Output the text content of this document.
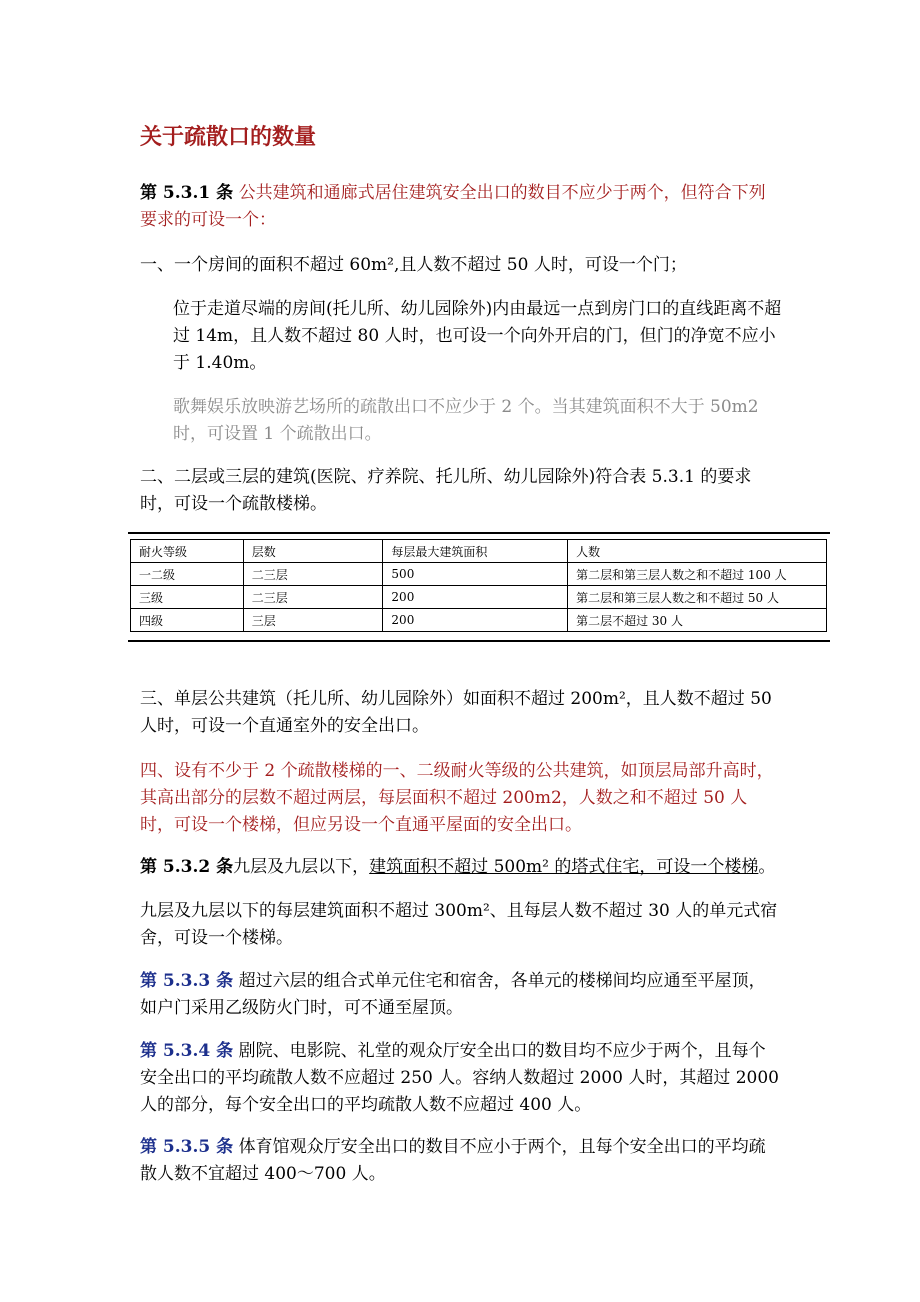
关于疏散口的数量

第 5.3.1 条 公共建筑和通廊式居住建筑安全出口的数目不应少于两个，但符合下列要求的可设一个：

一、一个房间的面积不超过 60m²,且人数不超过 50 人时，可设一个门；

位于走道尽端的房间(托儿所、幼儿园除外)内由最远一点到房门口的直线距离不超过 14m，且人数不超过 80 人时，也可设一个向外开启的门，但门的净宽不应小于 1.40m。

歌舞娱乐放映游艺场所的疏散出口不应少于 2 个。当其建筑面积不大于 50m2 时，可设置 1 个疏散出口。

二、二层或三层的建筑(医院、疗养院、托儿所、幼儿园除外)符合表 5.3.1 的要求时，可设一个疏散楼梯。

耐火等级	层数	每层最大建筑面积	人数
一二级	二三层	500	第二层和第三层人数之和不超过 100 人
三级	二三层	200	第二层和第三层人数之和不超过 50 人
四级	三层	200	第二层不超过 30 人

三、单层公共建筑（托儿所、幼儿园除外）如面积不超过 200m²，且人数不超过 50 人时，可设一个直通室外的安全出口。

四、设有不少于 2 个疏散楼梯的一、二级耐火等级的公共建筑，如顶层局部升高时，其高出部分的层数不超过两层，每层面积不超过 200m2，人数之和不超过 50 人时，可设一个楼梯，但应另设一个直通平屋面的安全出口。

第 5.3.2 条九层及九层以下，建筑面积不超过 500m² 的塔式住宅，可设一个楼梯。

九层及九层以下的每层建筑面积不超过 300m²、且每层人数不超过 30 人的单元式宿舍，可设一个楼梯。

第 5.3.3 条 超过六层的组合式单元住宅和宿舍，各单元的楼梯间均应通至平屋顶，如户门采用乙级防火门时，可不通至屋顶。

第 5.3.4 条 剧院、电影院、礼堂的观众厅安全出口的数目均不应少于两个，且每个安全出口的平均疏散人数不应超过 250 人。容纳人数超过 2000 人时，其超过 2000 人的部分，每个安全出口的平均疏散人数不应超过 400 人。

第 5.3.5 条 体育馆观众厅安全出口的数目不应小于两个，且每个安全出口的平均疏散人数不宜超过 400～700 人。
